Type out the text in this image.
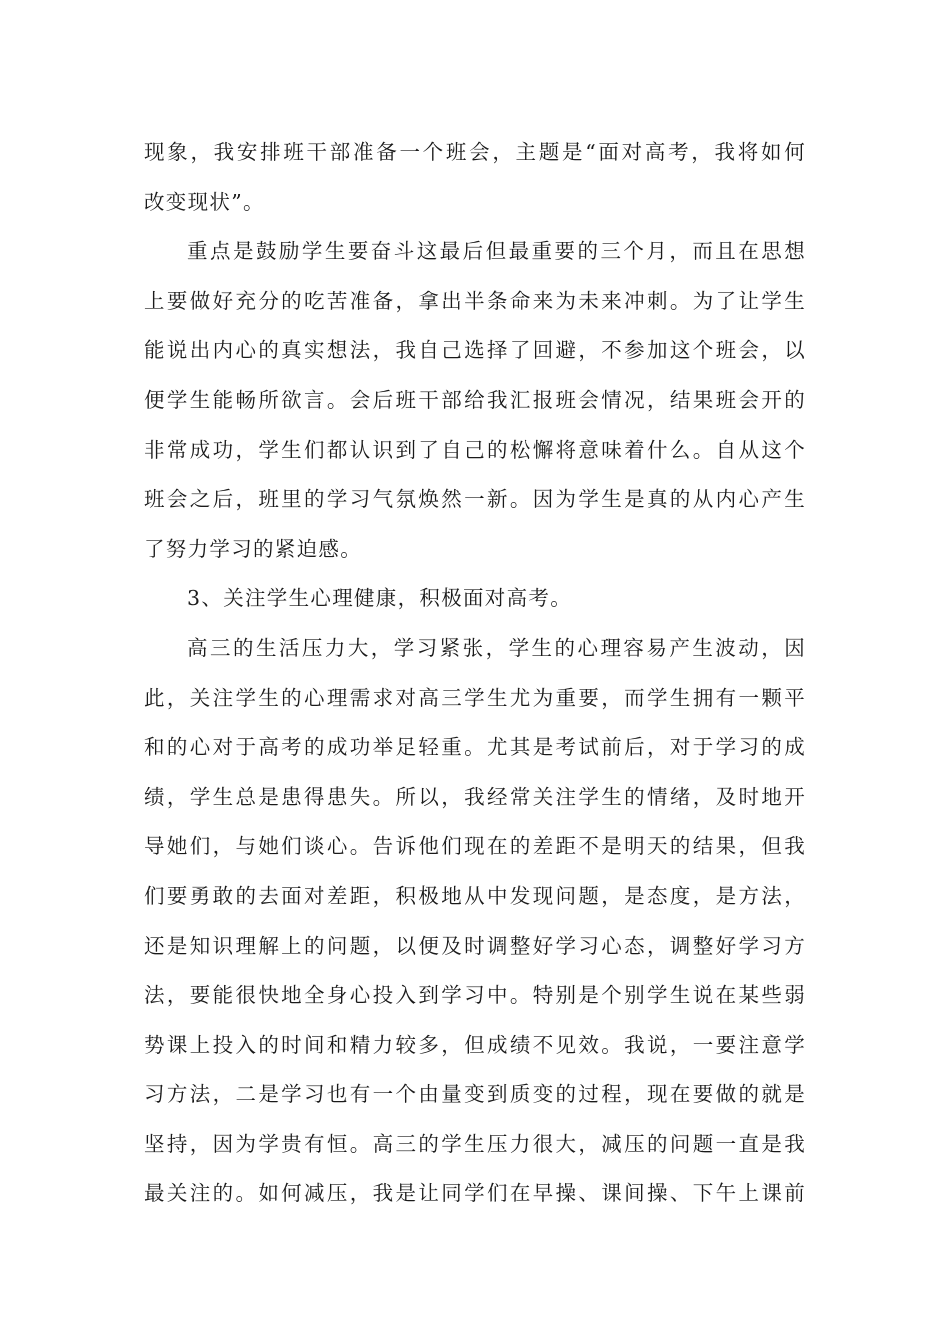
现象，我安排班干部准备一个班会，主题是“面对高考，我将如何
改变现状”。

重点是鼓励学生要奋斗这最后但最重要的三个月，而且在思想
上要做好充分的吃苦准备，拿出半条命来为未来冲刺。为了让学生
能说出内心的真实想法，我自己选择了回避，不参加这个班会，以
便学生能畅所欲言。会后班干部给我汇报班会情况，结果班会开的
非常成功，学生们都认识到了自己的松懈将意味着什么。自从这个
班会之后，班里的学习气氛焕然一新。因为学生是真的从内心产生
了努力学习的紧迫感。

3、关注学生心理健康，积极面对高考。

高三的生活压力大，学习紧张，学生的心理容易产生波动，因
此，关注学生的心理需求对高三学生尤为重要，而学生拥有一颗平
和的心对于高考的成功举足轻重。尤其是考试前后，对于学习的成
绩，学生总是患得患失。所以，我经常关注学生的情绪，及时地开
导她们，与她们谈心。告诉他们现在的差距不是明天的结果，但我
们要勇敢的去面对差距，积极地从中发现问题，是态度，是方法，
还是知识理解上的问题，以便及时调整好学习心态，调整好学习方
法，要能很快地全身心投入到学习中。特别是个别学生说在某些弱
势课上投入的时间和精力较多，但成绩不见效。我说，一要注意学
习方法，二是学习也有一个由量变到质变的过程，现在要做的就是
坚持，因为学贵有恒。高三的学生压力很大，减压的问题一直是我
最关注的。如何减压，我是让同学们在早操、课间操、下午上课前
